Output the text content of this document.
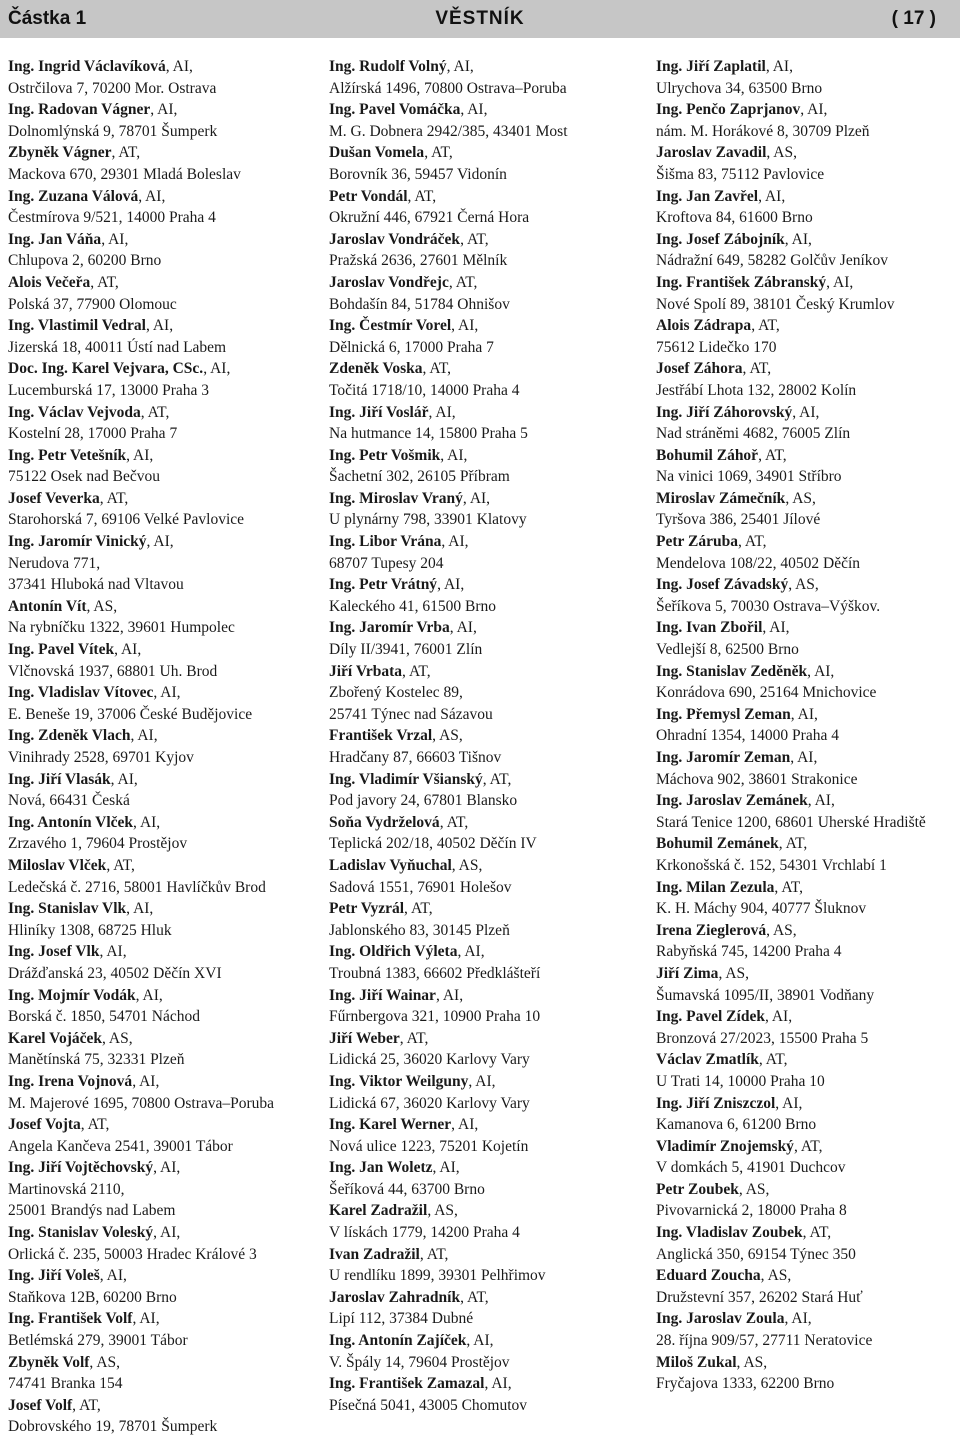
VĚSTNÍK
Částka 1	( 17 )
Ing. Ingrid Václavíková, AI,
Ostrčilova 7, 70200 Mor. Ostrava
Ing. Radovan Vágner, AI,
Dolnomlýnská 9, 78701 Šumperk
Zbyněk Vágner, AT,
Mackova 670, 29301 Mladá Boleslav
Ing. Zuzana Válová, AI,
Čestmírova 9/521, 14000 Praha 4
Ing. Jan Váňa, AI,
Chlupova 2, 60200 Brno
Alois Večeřa, AT,
Polská 37, 77900 Olomouc
Ing. Vlastimil Vedral, AI,
Jizerská 18, 40011 Ústí nad Labem
Doc. Ing. Karel Vejvara, CSc., AI,
Lucemburská 17, 13000 Praha 3
Ing. Václav Vejvoda, AT,
Kostelní 28, 17000 Praha 7
Ing. Petr Vetešník, AI,
75122 Osek nad Bečvou
Josef Veverka, AT,
Starohorská 7, 69106 Velké Pavlovice
Ing. Jaromír Vinický, AI,
Nerudova 771,
37341 Hluboká nad Vltavou
Antonín Vít, AS,
Na rybníčku 1322, 39601 Humpolec
Ing. Pavel Vítek, AI,
Vlčnovská 1937, 68801 Uh. Brod
Ing. Vladislav Vítovec, AI,
E. Beneše 19, 37006 České Budějovice
Ing. Zdeněk Vlach, AI,
Vinihrady 2528, 69701 Kyjov
Ing. Jiří Vlasák, AI,
Nová, 66431 Česká
Ing. Antonín Vlček, AI,
Zrzavého 1, 79604 Prostějov
Miloslav Vlček, AT,
Ledečská č. 2716, 58001 Havlíčkův Brod
Ing. Stanislav Vlk, AI,
Hliníky 1308, 68725 Hluk
Ing. Josef Vlk, AI,
Drážďanská 23, 40502 Děčín XVI
Ing. Mojmír Vodák, AI,
Borská č. 1850, 54701 Náchod
Karel Vojáček, AS,
Manětínská 75, 32331 Plzeň
Ing. Irena Vojnová, AI,
M. Majerové 1695, 70800 Ostrava–Poruba
Josef Vojta, AT,
Angela Kančeva 2541, 39001 Tábor
Ing. Jiří Vojtěchovský, AI,
Martinovská 2110,
25001 Brandýs nad Labem
Ing. Stanislav Voleský, AI,
Orlická č. 235, 50003 Hradec Králové 3
Ing. Jiří Voleš, AI,
Staňkova 12B, 60200 Brno
Ing. František Volf, AI,
Betlémská 279, 39001 Tábor
Zbyněk Volf, AS,
74741 Branka 154
Josef Volf, AT,
Dobrovského 19, 78701 Šumperk
Ing. Rudolf Volný, AI,
Alžírská 1496, 70800 Ostrava–Poruba
Ing. Pavel Vomáčka, AI,
M. G. Dobnera 2942/385, 43401 Most
Dušan Vomela, AT,
Borovník 36, 59457 Vidonín
Petr Vondál, AT,
Okružní 446, 67921 Černá Hora
Jaroslav Vondráček, AT,
Pražská 2636, 27601 Mělník
Jaroslav Vondřejc, AT,
Bohdašín 84, 51784 Ohnišov
Ing. Čestmír Vorel, AI,
Dělnická 6, 17000 Praha 7
Zdeněk Voska, AT,
Točitá 1718/10, 14000 Praha 4
Ing. Jiří Voslář, AI,
Na hutmance 14, 15800 Praha 5
Ing. Petr Vošmik, AI,
Šachetní 302, 26105 Příbram
Ing. Miroslav Vraný, AI,
U plynárny 798, 33901 Klatovy
Ing. Libor Vrána, AI,
68707 Tupesy 204
Ing. Petr Vrátný, AI,
Kaleckého 41, 61500 Brno
Ing. Jaromír Vrba, AI,
Díly II/3941, 76001 Zlín
Jiří Vrbata, AT,
Zbořený Kostelec 89,
25741 Týnec nad Sázavou
František Vrzal, AS,
Hradčany 87, 66603 Tišnov
Ing. Vladimír Všianský, AT,
Pod javory 24, 67801 Blansko
Soňa Vydrželová, AT,
Teplická 202/18, 40502 Děčín IV
Ladislav Vyňuchal, AS,
Sadová 1551, 76901 Holešov
Petr Vyzrál, AT,
Jablonského 83, 30145 Plzeň
Ing. Oldřich Výleta, AI,
Troubná 1383, 66602 Předklášteří
Ing. Jiří Wainar, AI,
Fűrnbergova 321, 10900 Praha 10
Jiří Weber, AT,
Lidická 25, 36020 Karlovy Vary
Ing. Viktor Weilguny, AI,
Lidická 67, 36020 Karlovy Vary
Ing. Karel Werner, AI,
Nová ulice 1223, 75201 Kojetín
Ing. Jan Woletz, AI,
Šeříková 44, 63700 Brno
Karel Zadražil, AS,
V lískách 1779, 14200 Praha 4
Ivan Zadražil, AT,
U rendlíku 1899, 39301 Pelhřimov
Jaroslav Zahradník, AT,
Lipí 112, 37384 Dubné
Ing. Antonín Zajíček, AI,
V. Špály 14, 79604 Prostějov
Ing. František Zamazal, AI,
Písečná 5041, 43005 Chomutov
Ing. Jiří Zaplatil, AI,
Ulrychova 34, 63500 Brno
Ing. Penčo Zaprjanov, AI,
nám. M. Horákové 8, 30709 Plzeň
Jaroslav Zavadil, AS,
Šišma 83, 75112 Pavlovice
Ing. Jan Zavřel, AI,
Kroftova 84, 61600 Brno
Ing. Josef Zábojník, AI,
Nádražní 649, 58282 Golčův Jeníkov
Ing. František Zábranský, AI,
Nové Spolí 89, 38101 Český Krumlov
Alois Zádrapa, AT,
75612 Lidečko 170
Josef Záhora, AT,
Jestřábí Lhota 132, 28002 Kolín
Ing. Jiří Záhorovský, AI,
Nad stráněmi 4682, 76005 Zlín
Bohumil Záhoř, AT,
Na vinici 1069, 34901 Stříbro
Miroslav Zámečník, AS,
Tyršova 386, 25401 Jílové
Petr Záruba, AT,
Mendelova 108/22, 40502 Děčín
Ing. Josef Závadský, AS,
Šeříkova 5, 70030 Ostrava–Výškov.
Ing. Ivan Zbořil, AI,
Vedlejší 8, 62500 Brno
Ing. Stanislav Zeděněk, AI,
Konrádova 690, 25164 Mnichovice
Ing. Přemysl Zeman, AI,
Ohradní 1354, 14000 Praha 4
Ing. Jaromír Zeman, AI,
Máchova 902, 38601 Strakonice
Ing. Jaroslav Zemánek, AI,
Stará Tenice 1200, 68601 Uherské Hradiště
Bohumil Zemánek, AT,
Krkonošská č. 152, 54301 Vrchlabí 1
Ing. Milan Zezula, AT,
K. H. Máchy 904, 40777 Šluknov
Irena Zieglerová, AS,
Rabyňská 745, 14200 Praha 4
Jiří Zima, AS,
Šumavská 1095/II, 38901 Vodňany
Ing. Pavel Zídek, AI,
Bronzová 27/2023, 15500 Praha 5
Václav Zmatlík, AT,
U Trati 14, 10000 Praha 10
Ing. Jiří Zniszczol, AI,
Kamanova 6, 61200 Brno
Vladimír Znojemský, AT,
V domkách 5, 41901 Duchcov
Petr Zoubek, AS,
Pivovarnická 2, 18000 Praha 8
Ing. Vladislav Zoubek, AT,
Anglická 350, 69154 Týnec 350
Eduard Zoucha, AS,
Družstevní 357, 26202 Stará Huť
Ing. Jaroslav Zoula, AI,
28. října 909/57, 27711 Neratovice
Miloš Zukal, AS,
Fryčajova 1333, 62200 Brno
